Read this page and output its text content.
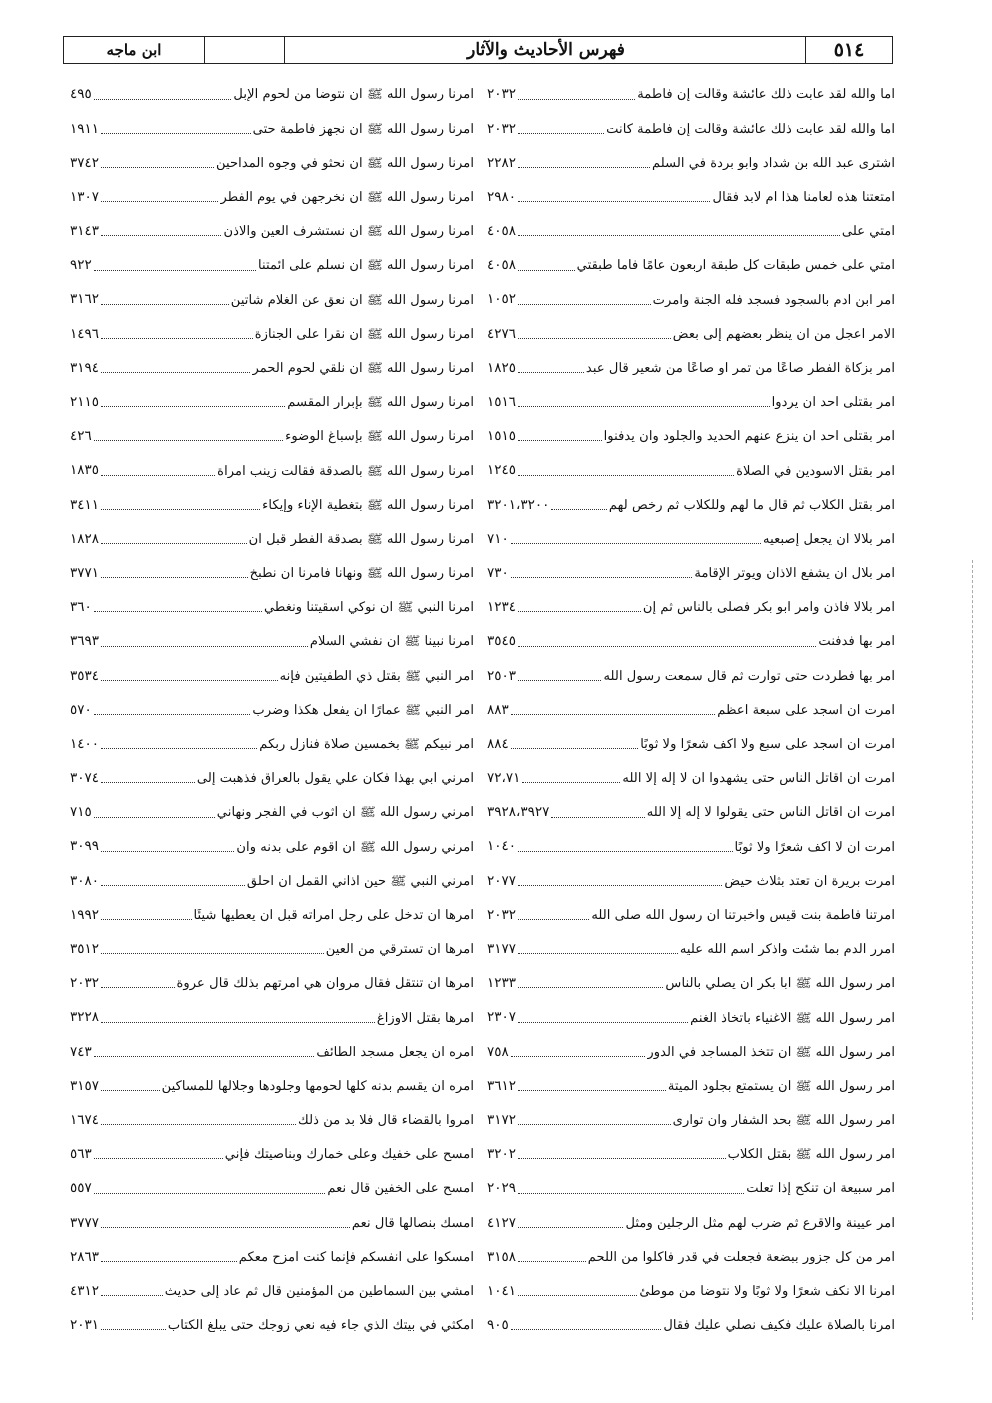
٥١٤
فهرس الأحاديث والآثار
ابن ماجه
أما والله لقد عابت ذلك عائشة وقالت إن فاطمة
٢٠٣٢
أما والله لقد عابت ذلك عائشة وقالت إن فاطمة كانت
٢٠٣٢
اشترى عبد الله بن شداد وأبو بردة في السلم
٢٢٨٢
أمتعتنا هذه لعامنا هذا أم لأبد فقال
٢٩٨٠
أمتي على
٤٠٥٨
أمتي على خمس طبقات كل طبقة أربعون عامًا فأما طبقتي
٤٠٥٨
أمر ابن آدم بالسجود فسجد فله الجنة وأمرت
١٠٥٢
الأمر أعجل من أن ينظر بعضهم إلى بعض
٤٢٧٦
أمر بزكاة الفطر صاعًا من تمر أو صاعًا من شعير قال عبد
١٨٢٥
أمر بقتلى أحد أن يردوا
١٥١٦
أمر بقتلى أحد أن ينزع عنهم الحديد والجلود وأن يدفنوا
١٥١٥
أمر بقتل الأسودين في الصلاة
١٢٤٥
أمر بقتل الكلاب ثم قال ما لهم وللكلاب ثم رخص لهم
٣٢٠١،٣٢٠٠
أمر بلالًا أن يجعل إصبعيه
٧١٠
أمر بلال أن يشفع الأذان ويوتر الإقامة
٧٣٠
أمر بلالًا فأذن وأمر أبو بكر فصلى بالناس ثم إن
١٢٣٤
أمر بها فدفنت
٣٥٤٥
أمر بها فطردت حتى توارت ثم قال سمعت رسول الله
٢٥٠٣
أمرت أن أسجد على سبعة أعظم
٨٨٣
أمرت أن أسجد على سبع ولا أكف شعرًا ولا ثوبًا
٨٨٤
أمرت أن أقاتل الناس حتى يشهدوا أن لا إله إلا الله
٧٢،٧١
أمرت أن أقاتل الناس حتى يقولوا لا إله إلا الله
٣٩٢٨،٣٩٢٧
أمرت أن لا أكف شعرًا ولا ثوبًا
١٠٤٠
أمرت بريرة أن تعتد بثلاث حيض
٢٠٧٧
أمرتنا فاطمة بنت قيس وأخبرتنا أن رسول الله صلى الله
٢٠٣٢
أمرر الدم بما شئت واذكر اسم الله عليه
٣١٧٧
أمر رسول الله ﷺ أبا بكر أن يصلي بالناس
١٢٣٣
أمر رسول الله ﷺ الأغنياء باتخاذ الغنم
٢٣٠٧
أمر رسول الله ﷺ أن تتخذ المساجد في الدور
٧٥٨
أمر رسول الله ﷺ أن يستمتع بجلود الميتة
٣٦١٢
أمر رسول الله ﷺ بحد الشفار وأن توارى
٣١٧٢
أمر رسول الله ﷺ بقتل الكلاب
٣٢٠٢
أمر سبيعة أن تنكح إذا تعلت
٢٠٢٩
أمر عيينة والأقرع ثم ضرب لهم مثل الرجلين ومثل
٤١٢٧
أمر من كل جزور ببضعة فجعلت في قدر فأكلوا من اللحم
٣١٥٨
أمرنا ألا نكف شعرًا ولا ثوبًا ولا نتوضأ من موطئ
١٠٤١
أمرنا بالصلاة عليك فكيف نصلي عليك فقال
٩٠٥
أمرنا رسول الله ﷺ أن نتوضأ من لحوم الإبل
٤٩٥
أمرنا رسول الله ﷺ أن نجهز فاطمة حتى
١٩١١
أمرنا رسول الله ﷺ أن نحثو في وجوه المداحين
٣٧٤٢
أمرنا رسول الله ﷺ أن نخرجهن في يوم الفطر
١٣٠٧
أمرنا رسول الله ﷺ أن نستشرف العين والأذن
٣١٤٣
أمرنا رسول الله ﷺ أن نسلم على أئمتنا
٩٢٢
أمرنا رسول الله ﷺ أن نعق عن الغلام شاتين
٣١٦٢
أمرنا رسول الله ﷺ أن نقرأ على الجنازة
١٤٩٦
أمرنا رسول الله ﷺ أن نلقي لحوم الحمر
٣١٩٤
أمرنا رسول الله ﷺ بإبرار المقسم
٢١١٥
أمرنا رسول الله ﷺ بإسباغ الوضوء
٤٢٦
أمرنا رسول الله ﷺ بالصدقة فقالت زينب امرأة
١٨٣٥
أمرنا رسول الله ﷺ بتغطية الإناء وإيكاء
٣٤١١
أمرنا رسول الله ﷺ بصدقة الفطر قبل أن
١٨٢٨
أمرنا رسول الله ﷺ ونهانا فأمرنا أن نطبخ
٣٧٧١
أمرنا النبي ﷺ أن نوكي أسقيتنا ونغطي
٣٦٠
أمرنا نبينا ﷺ أن نفشي السلام
٣٦٩٣
أمر النبي ﷺ بقتل ذي الطفيتين فإنه
٣٥٣٤
أمر النبي ﷺ عمارًا أن يفعل هكذا وضرب
٥٧٠
أمر نبيكم ﷺ بخمسين صلاة فنازل ربكم
١٤٠٠
أمرني أبي بهذا فكان علي يقول بالعراق فذهبت إلى
٣٠٧٤
أمرني رسول الله ﷺ أن أثوب في الفجر ونهاني
٧١٥
أمرني رسول الله ﷺ أن أقوم على بدنه وأن
٣٠٩٩
أمرني النبي ﷺ حين آذاني القمل أن أحلق
٣٠٨٠
أمرها أن تدخل على رجل امرأته قبل أن يعطيها شيئًا
١٩٩٢
أمرها أن تسترقي من العين
٣٥١٢
أمرها أن تنتقل فقال مروان هي أمرتهم بذلك قال عروة
٢٠٣٢
أمرها بقتل الأوزاغ
٣٢٢٨
أمره أن يجعل مسجد الطائف
٧٤٣
أمره أن يقسم بدنه كلها لحومها وجلودها وجلالها للمساكين
٣١٥٧
أمروا بالقضاء قال فلا بد من ذلك
١٦٧٤
امسح على خفيك وعلى خمارك وبناصيتك فإني
٥٦٣
أمسح على الخفين قال نعم
٥٥٧
أمسك بنصالها قال نعم
٣٧٧٧
أمسكوا على أنفسكم فإنما كنت أمزح معكم
٢٨٦٣
امشي بين السماطين من المؤمنين قال ثم عاد إلى حديث
٤٣١٢
امكثي في بيتك الذي جاء فيه نعي زوجك حتى يبلغ الكتاب
٢٠٣١
